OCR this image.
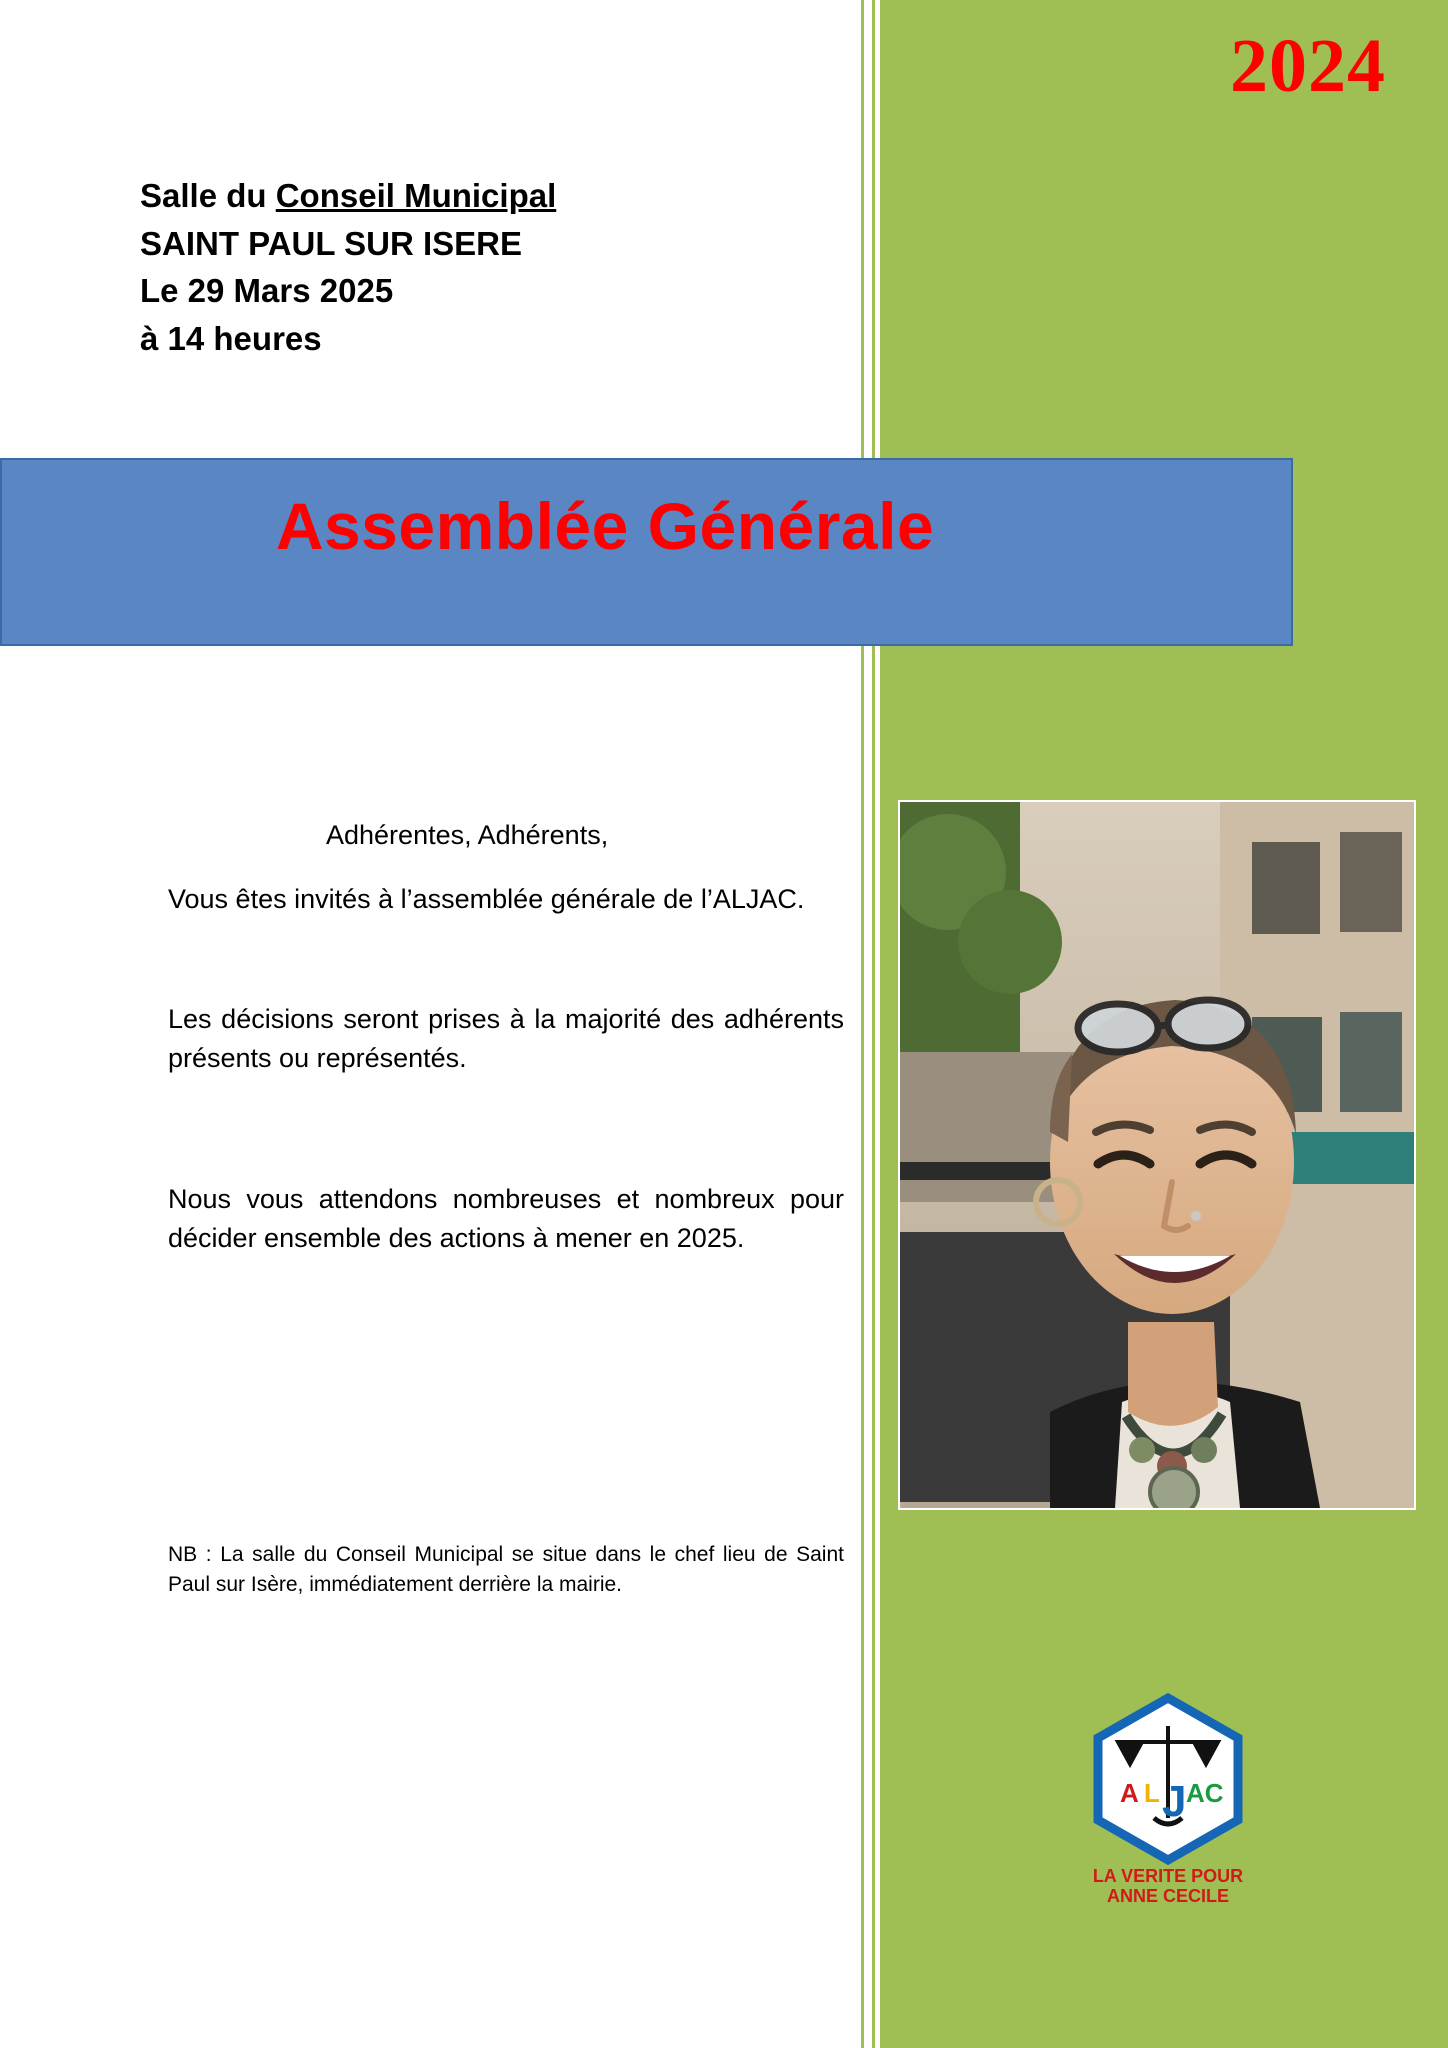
2024
Salle du Conseil Municipal
SAINT PAUL SUR ISERE
Le 29 Mars 2025
à 14 heures
Assemblée Générale
Adhérentes, Adhérents,
Vous êtes invités à l’assemblée générale de l’ALJAC.
Les décisions seront prises à la majorité des adhérents présents ou représentés.
Nous vous attendons nombreuses et nombreux pour décider ensemble des actions à mener en 2025.
NB : La salle du Conseil Municipal se situe dans le chef lieu de Saint Paul sur Isère, immédiatement derrière la mairie.
A L J AC
LA VERITE POUR
ANNE CECILE
